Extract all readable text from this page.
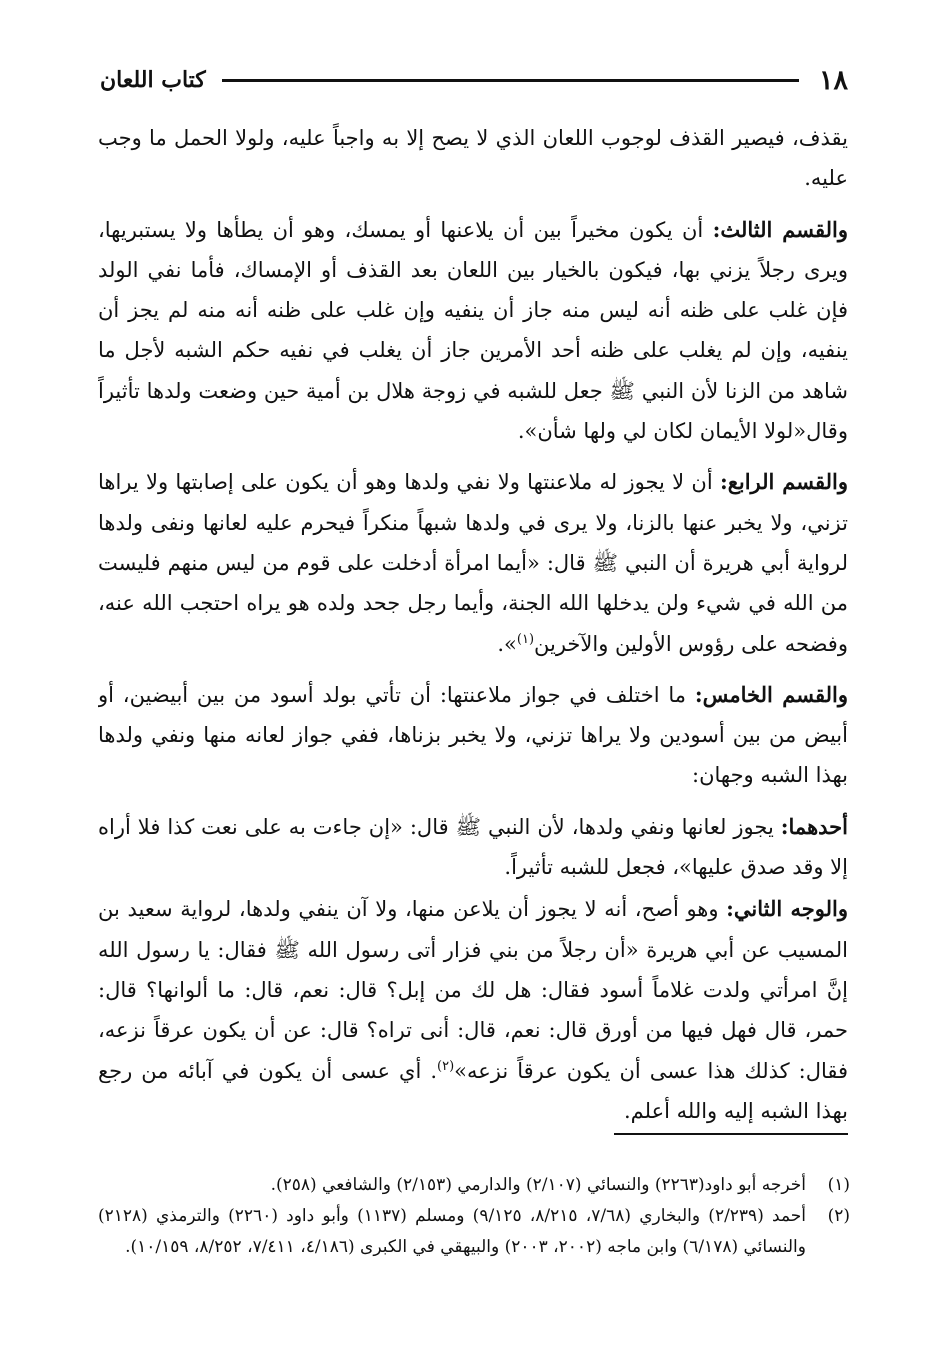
١٨
كتاب اللعان

يقذف، فيصير القذف لوجوب اللعان الذي لا يصح إلا به واجباً عليه، ولولا الحمل ما وجب عليه.

والقسم الثالث: أن يكون مخيراً بين أن يلاعنها أو يمسك، وهو أن يطأها ولا يستبريها، ويرى رجلاً يزني بها، فيكون بالخيار بين اللعان بعد القذف أو الإمساك، فأما نفي الولد فإن غلب على ظنه أنه ليس منه جاز أن ينفيه وإن غلب على ظنه أنه منه لم يجز أن ينفيه، وإن لم يغلب على ظنه أحد الأمرين جاز أن يغلب في نفيه حكم الشبه لأجل ما شاهد من الزنا لأن النبي ﷺ جعل للشبه في زوجة هلال بن أمية حين وضعت ولدها تأثيراً وقال«لولا الأيمان لكان لي ولها شأن».

والقسم الرابع: أن لا يجوز له ملاعنتها ولا نفي ولدها وهو أن يكون على إصابتها ولا يراها تزني، ولا يخبر عنها بالزنا، ولا يرى في ولدها شبهاً منكراً فيحرم عليه لعانها ونفى ولدها لرواية أبي هريرة أن النبي ﷺ قال: «أيما امرأة أدخلت على قوم من ليس منهم فليست من الله في شيء ولن يدخلها الله الجنة، وأيما رجل جحد ولده هو يراه احتجب الله عنه، وفضحه على رؤوس الأولين والآخرين$^{(١)}$».

والقسم الخامس: ما اختلف في جواز ملاعنتها: أن تأتي بولد أسود من بين أبيضين، أو أبيض من بين أسودين ولا يراها تزني، ولا يخبر بزناها، ففي جواز لعانه منها ونفي ولدها بهذا الشبه وجهان:

أحدهما: يجوز لعانها ونفي ولدها، لأن النبي ﷺ قال: «إن جاءت به على نعت كذا فلا أراه إلا وقد صدق عليها»، فجعل للشبه تأثيراً.

والوجه الثاني: وهو أصح، أنه لا يجوز أن يلاعن منها، ولا آن ينفي ولدها، لرواية سعيد بن المسيب عن أبي هريرة «أن رجلاً من بني فزار أتى رسول الله ﷺ فقال: يا رسول الله إنَّ امرأتي ولدت غلاماً أسود فقال: هل لك من إبل؟ قال: نعم، قال: ما ألوانها؟ قال: حمر، قال فهل فيها من أورق قال: نعم، قال: أنى تراه؟ قال: عن أن يكون عرقاً نزعه، فقال: كذلك هذا عسى أن يكون عرقاً نزعه»$^{(٢)}$. أي عسى أن يكون في آبائه من رجع بهذا الشبه إليه والله أعلم.

(١)
أخرجه أبو داود(٢٢٦٣) والنسائي (٢/١٠٧) والدارمي (٢/١٥٣) والشافعي (٢٥٨).
(٢)
أحمد (٢/٢٣٩) والبخاري (٧/٦٨، ٨/٢١٥، ٩/١٢٥) ومسلم (١١٣٧) وأبو داود (٢٢٦٠) والترمذي (٢١٢٨) والنسائي (٦/١٧٨) وابن ماجه (٢٠٠٢، ٢٠٠٣) والبيهقي في الكبرى (٤/١٨٦، ٧/٤١١، ٨/٢٥٢، ١٠/١٥٩).
